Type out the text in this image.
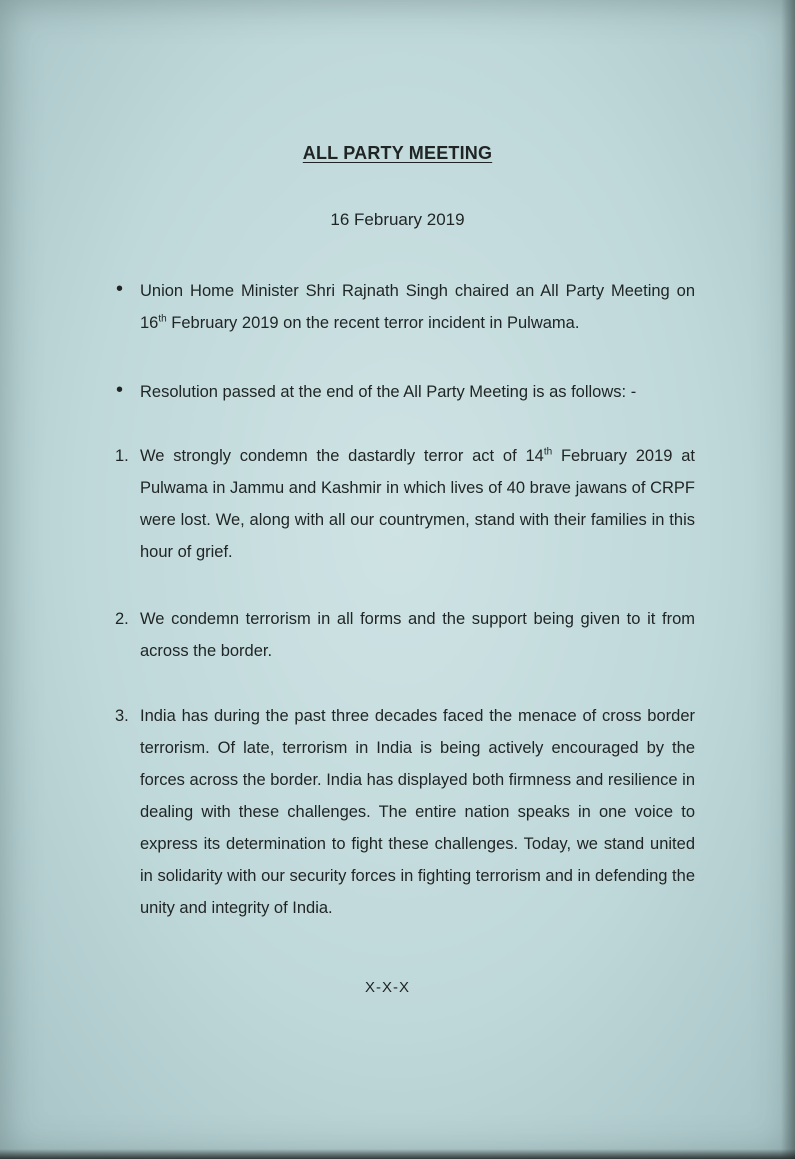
ALL PARTY MEETING
16 February 2019
• Union Home Minister Shri Rajnath Singh chaired an All Party Meeting on 16th February 2019 on the recent terror incident in Pulwama.
• Resolution passed at the end of the All Party Meeting is as follows: -
1. We strongly condemn the dastardly terror act of 14th February 2019 at Pulwama in Jammu and Kashmir in which lives of 40 brave jawans of CRPF were lost. We, along with all our countrymen, stand with their families in this hour of grief.
2. We condemn terrorism in all forms and the support being given to it from across the border.
3. India has during the past three decades faced the menace of cross border terrorism. Of late, terrorism in India is being actively encouraged by the forces across the border. India has displayed both firmness and resilience in dealing with these challenges. The entire nation speaks in one voice to express its determination to fight these challenges. Today, we stand united in solidarity with our security forces in fighting terrorism and in defending the unity and integrity of India.
X-X-X
